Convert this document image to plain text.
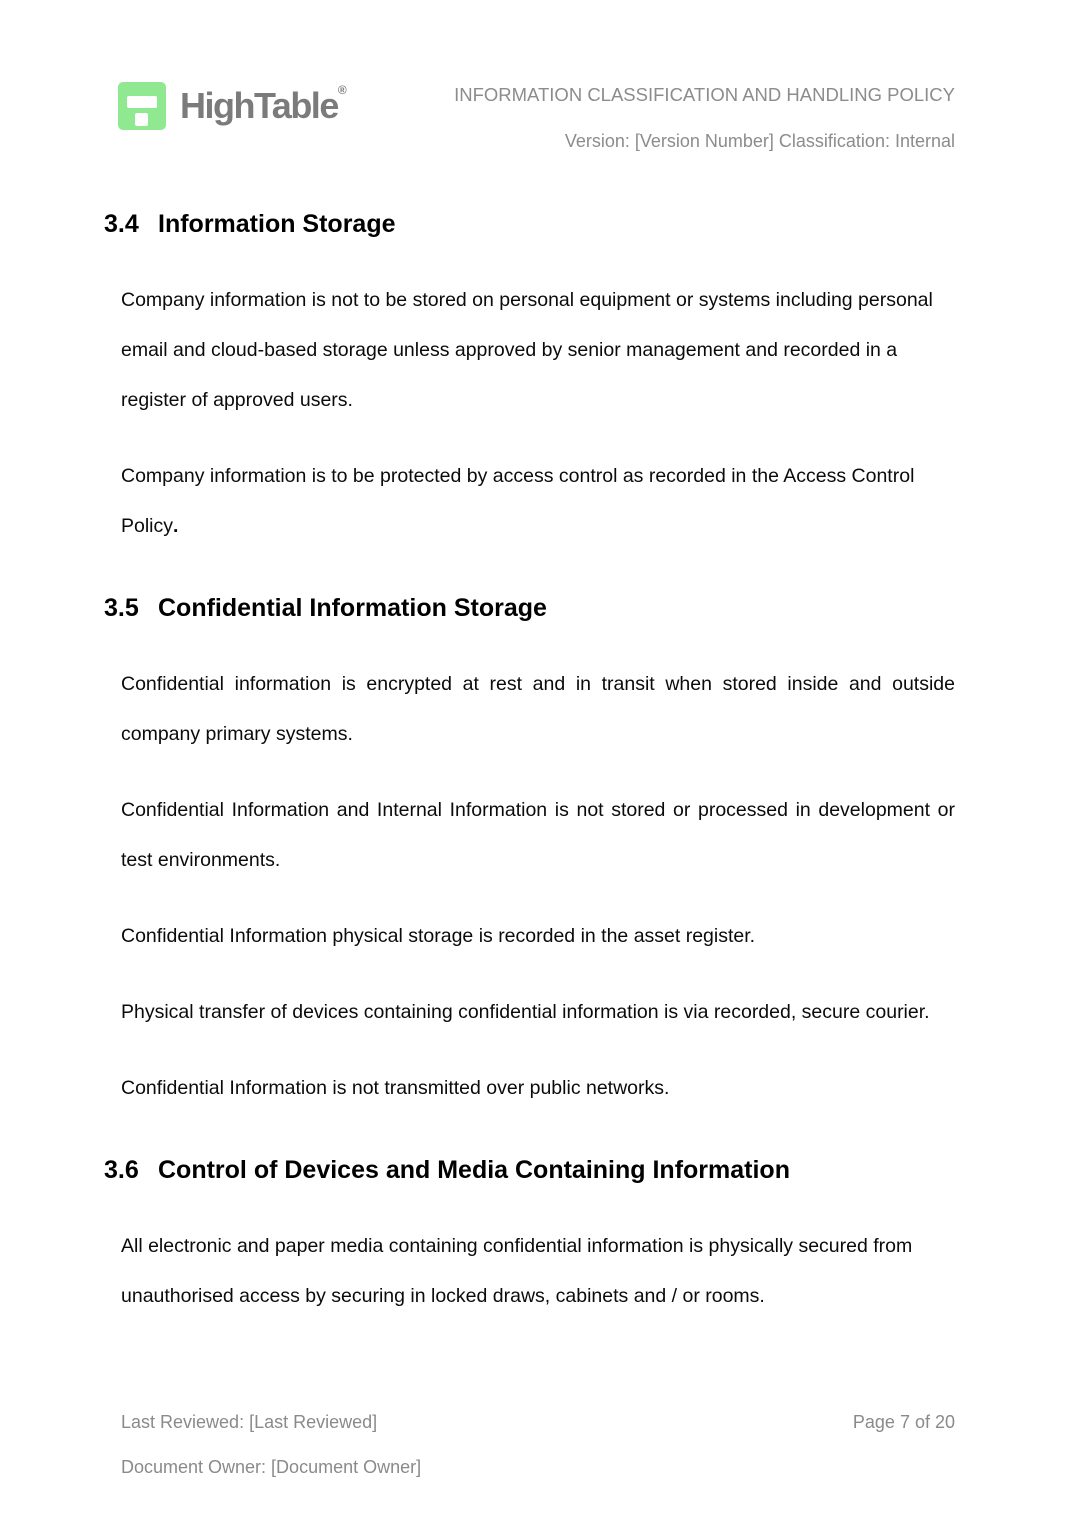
HighTable®	INFORMATION CLASSIFICATION AND HANDLING POLICY
Version: [Version Number] Classification: Internal
3.4 Information Storage

Company information is not to be stored on personal equipment or systems including personal email and cloud-based storage unless approved by senior management and recorded in a register of approved users.

Company information is to be protected by access control as recorded in the Access Control Policy.

3.5 Confidential Information Storage

Confidential information is encrypted at rest and in transit when stored inside and outside company primary systems.

Confidential Information and Internal Information is not stored or processed in development or test environments.

Confidential Information physical storage is recorded in the asset register.

Physical transfer of devices containing confidential information is via recorded, secure courier.

Confidential Information is not transmitted over public networks.

3.6 Control of Devices and Media Containing Information

All electronic and paper media containing confidential information is physically secured from unauthorised access by securing in locked draws, cabinets and / or rooms.

Last Reviewed: [Last Reviewed]	Page 7 of 20
Document Owner: [Document Owner]
